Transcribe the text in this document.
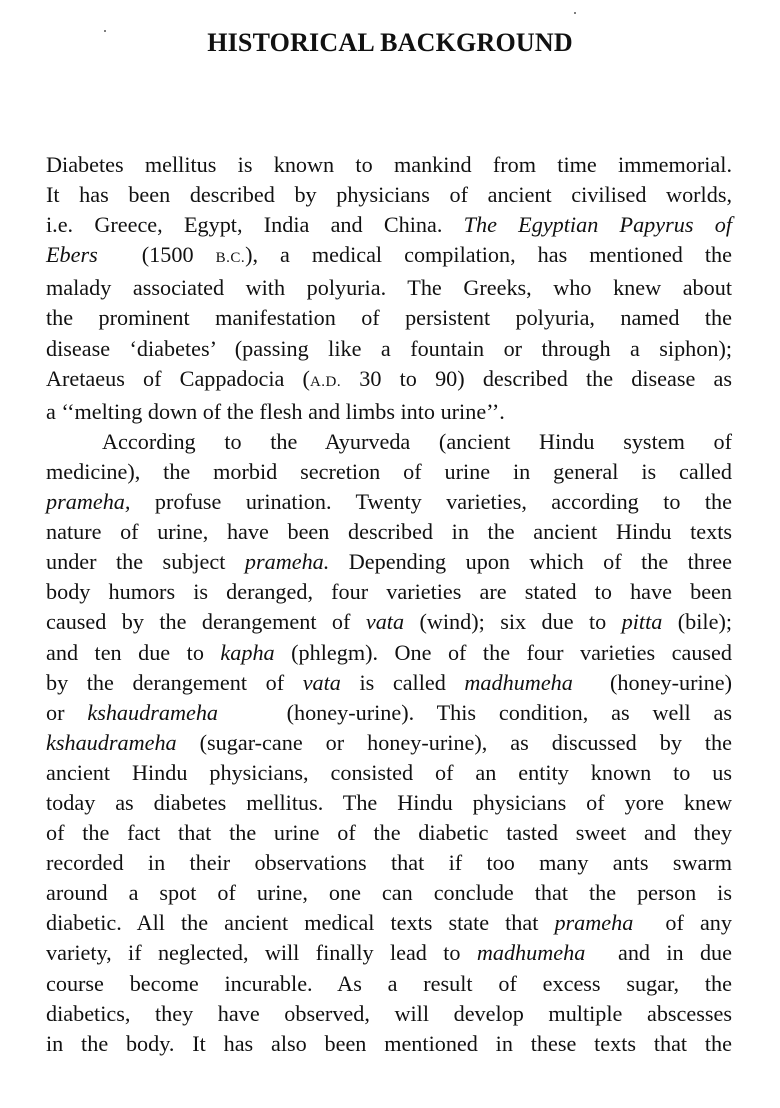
HISTORICAL BACKGROUND
Diabetes mellitus is known to mankind from time immemorial.
It has been described by physicians of ancient civilised worlds,
i.e. Greece, Egypt, India and China. The Egyptian Papyrus of
Ebers  (1500 B.C.), a medical compilation, has mentioned the
malady associated with polyuria. The Greeks, who knew about
the prominent manifestation of persistent polyuria, named the
disease ‘diabetes’ (passing like a fountain or through a siphon);
Aretaeus of Cappadocia (A.D. 30 to 90) described the disease as
a ‘‘melting down of the flesh and limbs into urine’’.
According to the Ayurveda (ancient Hindu system of
medicine), the morbid secretion of urine in general is called
prameha, profuse urination. Twenty varieties, according to the
nature of urine, have been described in the ancient Hindu texts
under the subject prameha. Depending upon which of the three
body humors is deranged, four varieties are stated to have been
caused by the derangement of vata (wind); six due to pitta (bile);
and ten due to kapha (phlegm). One of the four varieties caused
by the derangement of vata is called madhumeha  (honey-urine)
or kshaudrameha   (honey-urine). This condition, as well as
kshaudrameha (sugar-cane or honey-urine), as discussed by the
ancient Hindu physicians, consisted of an entity known to us
today as diabetes mellitus. The Hindu physicians of yore knew
of the fact that the urine of the diabetic tasted sweet and they
recorded in their observations that if too many ants swarm
around a spot of urine, one can conclude that the person is
diabetic. All the ancient medical texts state that prameha  of any
variety, if neglected, will finally lead to madhumeha  and in due
course become incurable. As a result of excess sugar, the
diabetics, they have observed, will develop multiple abscesses
in the body. It has also been mentioned in these texts that the
